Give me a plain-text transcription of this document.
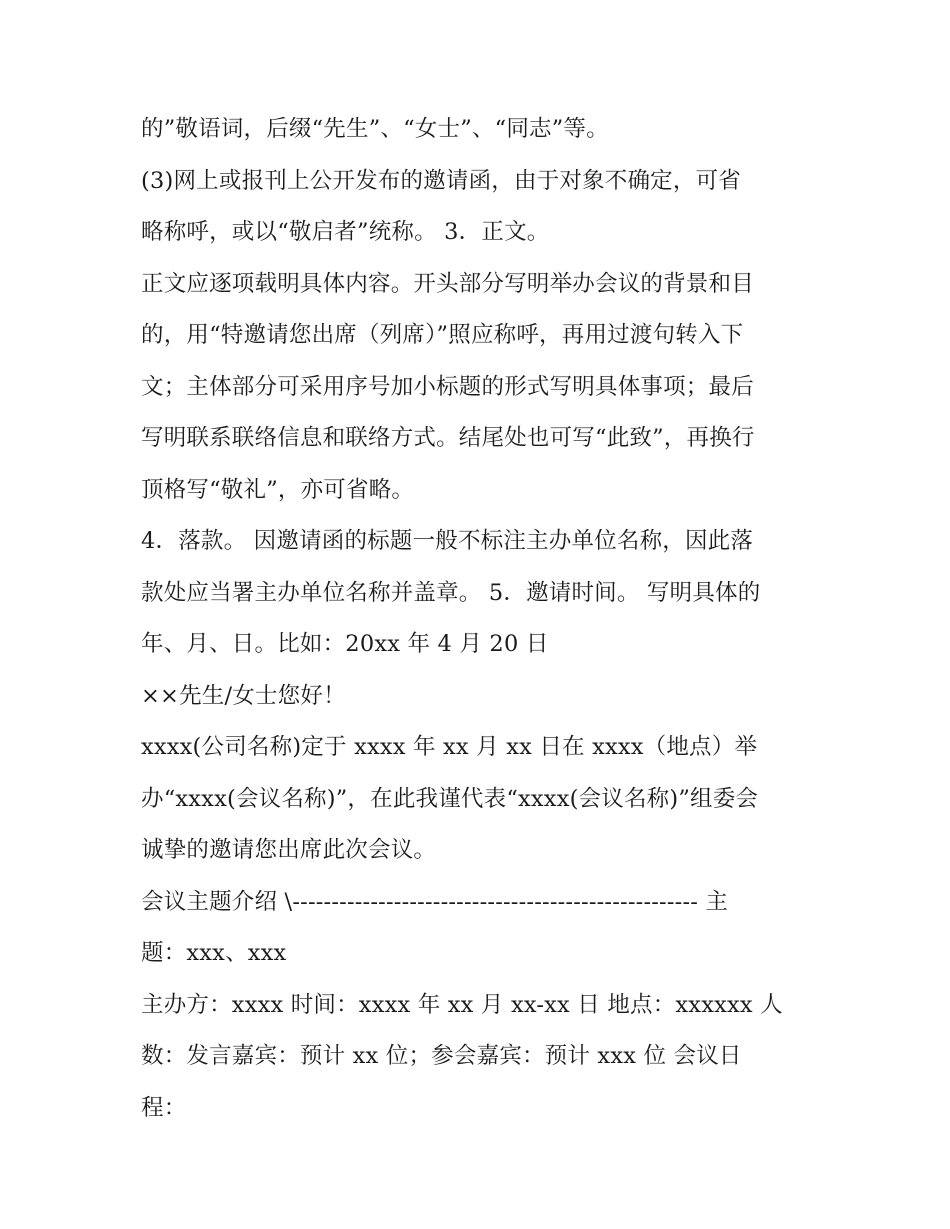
的”敬语词，后缀“先生”、“女士”、“同志”等。
(3)网上或报刊上公开发布的邀请函，由于对象不确定，可省
略称呼，或以“敬启者”统称。 3．正文。
正文应逐项载明具体内容。开头部分写明举办会议的背景和目
的，用“特邀请您出席（列席）”照应称呼，再用过渡句转入下
文；主体部分可采用序号加小标题的形式写明具体事项；最后
写明联系联络信息和联络方式。结尾处也可写“此致”，再换行
顶格写“敬礼”，亦可省略。
4．落款。 因邀请函的标题一般不标注主办单位名称，因此落
款处应当署主办单位名称并盖章。 5．邀请时间。 写明具体的
年、月、日。比如：20xx 年 4 月 20 日
××先生/女士您好！
xxxx(公司名称)定于 xxxx 年 xx 月 xx 日在 xxxx（地点）举
办“xxxx(会议名称)”，在此我谨代表“xxxx(会议名称)”组委会
诚挚的邀请您出席此次会议。
会议主题介绍 \---------------------------------------------------- 主
题：xxx、xxx
主办方：xxxx 时间：xxxx 年 xx 月 xx-xx 日 地点：xxxxxx 人
数：发言嘉宾：预计 xx 位；参会嘉宾：预计 xxx 位 会议日
程：
